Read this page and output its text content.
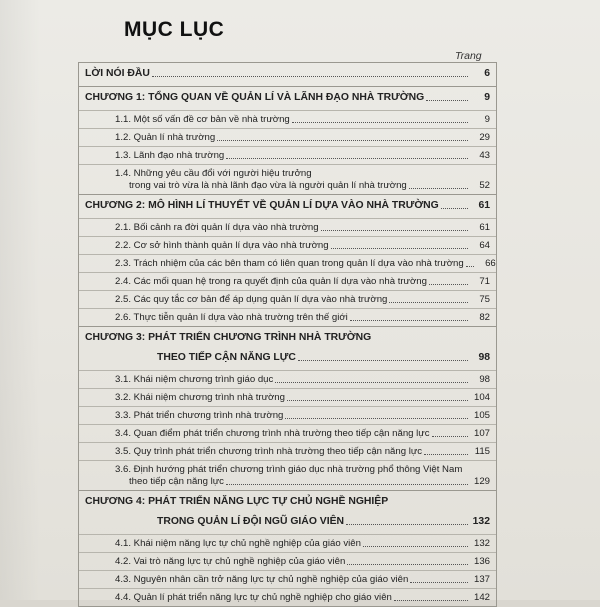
MỤC LỤC
Trang
LỜI NÓI ĐẦU	6
CHƯƠNG 1: TỔNG QUAN VỀ QUẢN LÍ VÀ LÃNH ĐẠO NHÀ TRƯỜNG	9
1.1. Một số vấn đề cơ bản về nhà trường	9
1.2. Quản lí nhà trường	29
1.3. Lãnh đạo nhà trường	43
1.4. Những yêu cầu đổi với người hiệu trưởng
trong vai trò vừa là nhà lãnh đạo vừa là người quản lí nhà trường	52
CHƯƠNG 2: MÔ HÌNH LÍ THUYẾT VỀ QUẢN LÍ DỰA VÀO NHÀ TRƯỜNG	61
2.1. Bối cảnh ra đời quản lí dựa vào nhà trường	61
2.2. Cơ sở hình thành quản lí dựa vào nhà trường	64
2.3. Trách nhiệm của các bên tham có liên quan trong quản lí dựa vào nhà trường	66
2.4. Các mối quan hệ trong ra quyết định của quản lí dựa vào nhà trường	71
2.5. Các quy tắc cơ bản để áp dụng quản lí dựa vào nhà trường	75
2.6. Thực tiễn quản lí dựa vào nhà trường trên thế giới	82
CHƯƠNG 3: PHÁT TRIỂN CHƯƠNG TRÌNH NHÀ TRƯỜNG
THEO TIẾP CẬN NĂNG LỰC	98
3.1. Khái niệm chương trình giáo dục	98
3.2. Khái niệm chương trình nhà trường	104
3.3. Phát triển chương trình nhà trường	105
3.4. Quan điểm phát triển chương trình nhà trường theo tiếp cận năng lực	107
3.5. Quy trình phát triển chương trình nhà trường theo tiếp cận năng lực	115
3.6. Định hướng phát triển chương trình giáo dục nhà trường phổ thông Việt Nam
theo tiếp cận năng lực	129
CHƯƠNG 4: PHÁT TRIỂN NĂNG LỰC TỰ CHỦ NGHỀ NGHIỆP
TRONG QUẢN LÍ ĐỘI NGŨ GIÁO VIÊN	132
4.1. Khái niệm năng lực tự chủ nghề nghiệp của giáo viên	132
4.2. Vai trò năng lực tự chủ nghề nghiệp của giáo viên	136
4.3. Nguyên nhân cần trở năng lực tự chủ nghề nghiệp của giáo viên	137
4.4. Quản lí phát triển năng lực tự chủ nghề nghiệp cho giáo viên	142
